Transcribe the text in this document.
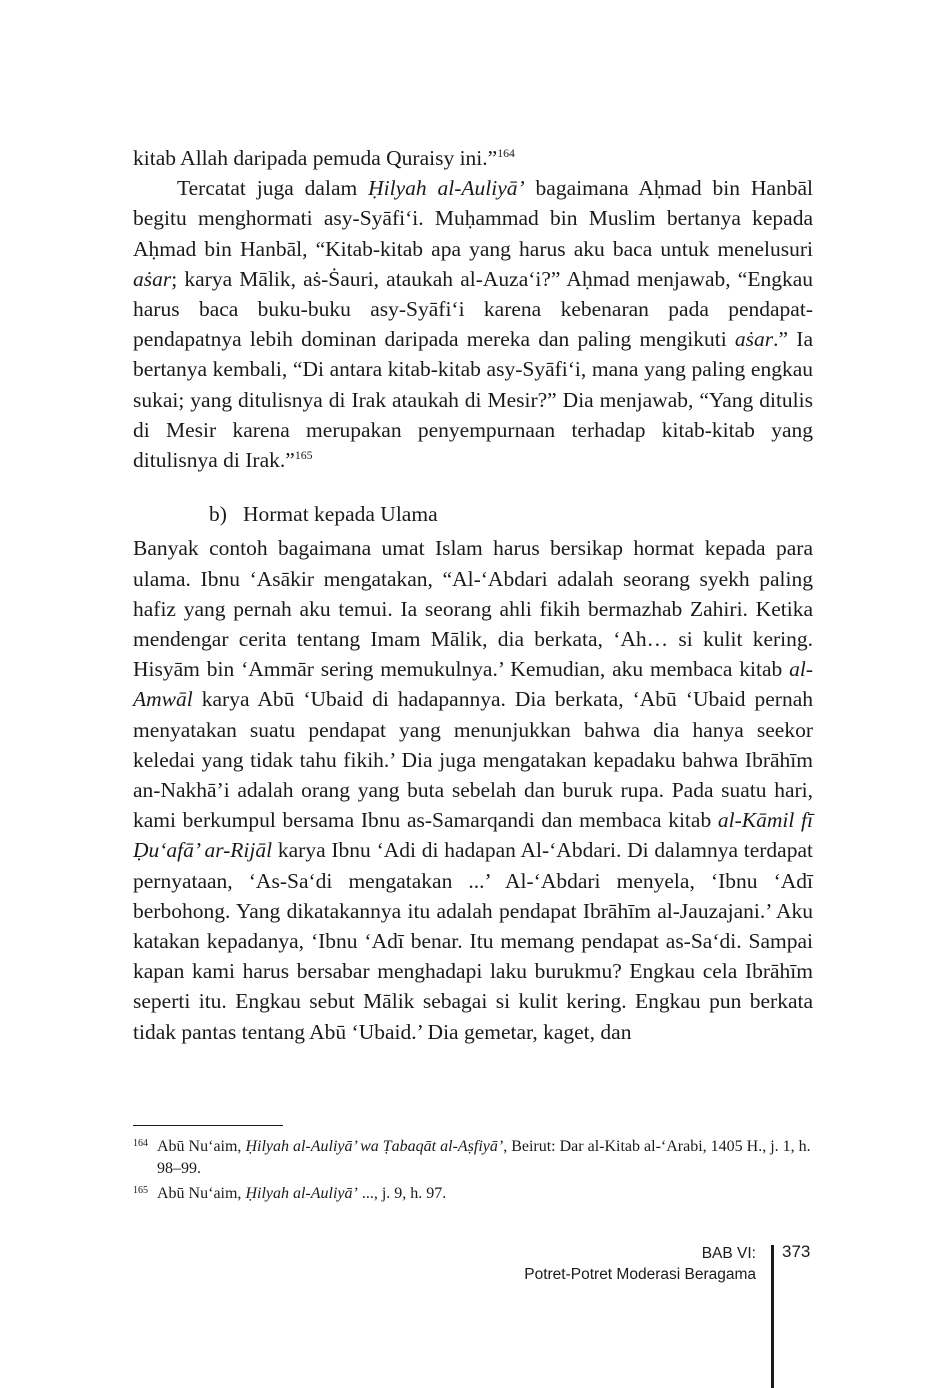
kitab Allah daripada pemuda Quraisy ini.”$^{164}$

Tercatat juga dalam Ḥilyah al-Auliyā’ bagaimana Aḥmad bin Hanbāl begitu menghormati asy-Syāfi‘i. Muḥammad bin Muslim bertanya kepada Aḥmad bin Hanbāl, “Kitab-kitab apa yang harus aku baca untuk menelusuri aṡar; karya Mālik, aṡ-Ṡauri, ataukah al-Auza‘i?” Aḥmad menjawab, “Engkau harus baca buku-buku asy-Syāfi‘i karena kebenaran pada pendapat-pendapatnya lebih dominan daripada mereka dan paling mengikuti aṡar.” Ia bertanya kembali, “Di antara kitab-kitab asy-Syāfi‘i, mana yang paling engkau sukai; yang ditulisnya di Irak ataukah di Mesir?” Dia menjawab, “Yang ditulis di Mesir karena merupakan penyempurnaan terhadap kitab-kitab yang ditulisnya di Irak.”$^{165}$

b) Hormat kepada Ulama

Banyak contoh bagaimana umat Islam harus bersikap hormat kepada para ulama. Ibnu ‘Asākir mengatakan, “Al-‘Abdari adalah seorang syekh paling hafiz yang pernah aku temui. Ia seorang ahli fikih bermazhab Zahiri. Ketika mendengar cerita tentang Imam Mālik, dia berkata, ‘Ah… si kulit kering. Hisyām bin ‘Ammār sering memukulnya.’ Kemudian, aku membaca kitab al-Amwāl karya Abū ‘Ubaid di hadapannya. Dia berkata, ‘Abū ‘Ubaid pernah menyatakan suatu pendapat yang menunjukkan bahwa dia hanya seekor keledai yang tidak tahu fikih.’ Dia juga mengatakan kepadaku bahwa Ibrāhīm an-Nakhā’i adalah orang yang buta sebelah dan buruk rupa. Pada suatu hari, kami berkumpul bersama Ibnu as-Samarqandi dan membaca kitab al-Kāmil fī Ḍu‘afā’ ar-Rijāl karya Ibnu ‘Adi di hadapan Al-‘Abdari. Di dalamnya terdapat pernyataan, ‘As-Sa‘di mengatakan ...’ Al-‘Abdari menyela, ‘Ibnu ‘Adī berbohong. Yang dikatakannya itu adalah pendapat Ibrāhīm al-Jauzajani.’ Aku katakan kepadanya, ‘Ibnu ‘Adī benar. Itu memang pendapat as-Sa‘di. Sampai kapan kami harus bersabar menghadapi laku burukmu? Engkau cela Ibrāhīm seperti itu. Engkau sebut Mālik sebagai si kulit kering. Engkau pun berkata tidak pantas tentang Abū ‘Ubaid.’ Dia gemetar, kaget, dan

164 Abū Nu‘aim, Ḥilyah al-Auliyā’ wa Ṭabaqāt al-Aṣfiyā’, Beirut: Dar al-Kitab al-‘Arabi, 1405 H., j. 1, h. 98–99.

165 Abū Nu‘aim, Ḥilyah al-Auliyā’ ..., j. 9, h. 97.

BAB VI:
Potret-Potret Moderasi Beragama
373
